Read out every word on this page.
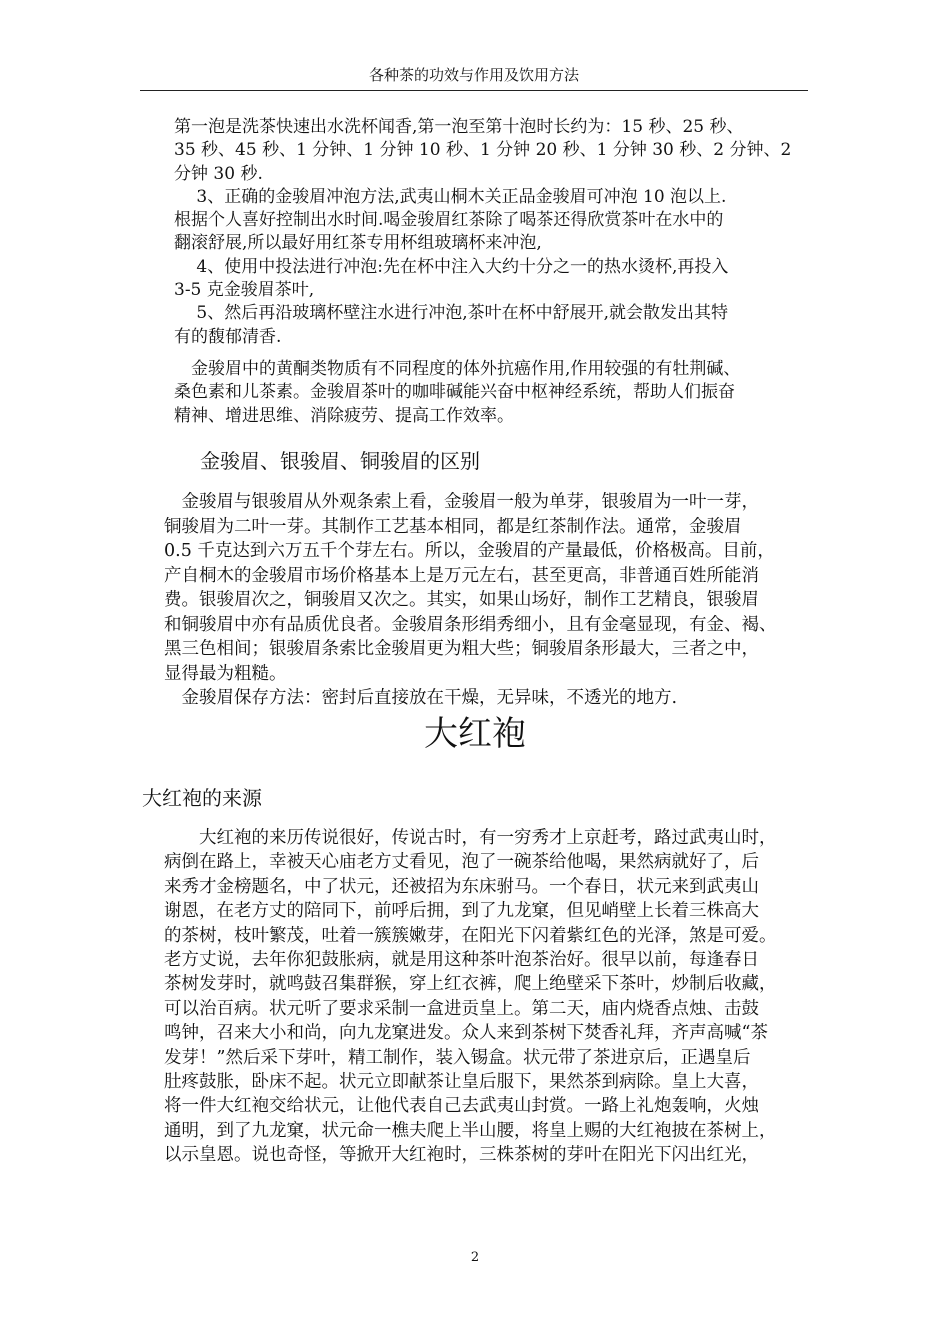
各种茶的功效与作用及饮用方法
第一泡是洗茶快速出水洗杯闻香,第一泡至第十泡时长约为：15 秒、25 秒、
35 秒、45 秒、1 分钟、1 分钟 10 秒、1 分钟 20 秒、1 分钟 30 秒、2 分钟、2
分钟 30 秒.
　 3、正确的金骏眉冲泡方法,武夷山桐木关正品金骏眉可冲泡 10 泡以上.
根据个人喜好控制出水时间.喝金骏眉红茶除了喝茶还得欣赏茶叶在水中的
翻滚舒展,所以最好用红茶专用杯组玻璃杯来冲泡,
　 4、使用中投法进行冲泡:先在杯中注入大约十分之一的热水烫杯,再投入
3-5 克金骏眉茶叶,
　 5、然后再沿玻璃杯壁注水进行冲泡,茶叶在杯中舒展开,就会散发出其特
有的馥郁清香.
　金骏眉中的黄酮类物质有不同程度的体外抗癌作用,作用较强的有牡荆碱、
桑色素和儿茶素。金骏眉茶叶的咖啡碱能兴奋中枢神经系统，帮助人们振奋
精神、增进思维、消除疲劳、提高工作效率。
金骏眉、银骏眉、铜骏眉的区别
　金骏眉与银骏眉从外观条索上看，金骏眉一般为单芽，银骏眉为一叶一芽，
铜骏眉为二叶一芽。其制作工艺基本相同，都是红茶制作法。通常，金骏眉
0.5 千克达到六万五千个芽左右。所以，金骏眉的产量最低，价格极高。目前，
产自桐木的金骏眉市场价格基本上是万元左右，甚至更高，非普通百姓所能消
费。银骏眉次之，铜骏眉又次之。其实，如果山场好，制作工艺精良，银骏眉
和铜骏眉中亦有品质优良者。金骏眉条形绢秀细小，且有金毫显现，有金、褐、
黑三色相间；银骏眉条索比金骏眉更为粗大些；铜骏眉条形最大，三者之中，
显得最为粗糙。
　金骏眉保存方法：密封后直接放在干燥，无异味，不透光的地方.
大红袍
大红袍的来源
　　大红袍的来历传说很好，传说古时，有一穷秀才上京赶考，路过武夷山时，
病倒在路上，幸被天心庙老方丈看见，泡了一碗茶给他喝，果然病就好了，后
来秀才金榜题名，中了状元，还被招为东床驸马。一个春日，状元来到武夷山
谢恩，在老方丈的陪同下，前呼后拥，到了九龙窠，但见峭壁上长着三株高大
的茶树，枝叶繁茂，吐着一簇簇嫩芽，在阳光下闪着紫红色的光泽，煞是可爱。
老方丈说，去年你犯鼓胀病，就是用这种茶叶泡茶治好。很早以前，每逢春日
茶树发芽时，就鸣鼓召集群猴，穿上红衣裤，爬上绝壁采下茶叶，炒制后收藏，
可以治百病。状元听了要求采制一盒进贡皇上。第二天，庙内烧香点烛、击鼓
鸣钟，召来大小和尚，向九龙窠进发。众人来到茶树下焚香礼拜，齐声高喊“茶
发芽！”然后采下芽叶，精工制作，装入锡盒。状元带了茶进京后，正遇皇后
肚疼鼓胀，卧床不起。状元立即献茶让皇后服下，果然茶到病除。皇上大喜，
将一件大红袍交给状元，让他代表自己去武夷山封赏。一路上礼炮轰响，火烛
通明，到了九龙窠，状元命一樵夫爬上半山腰，将皇上赐的大红袍披在茶树上，
以示皇恩。说也奇怪，等掀开大红袍时，三株茶树的芽叶在阳光下闪出红光，
2
